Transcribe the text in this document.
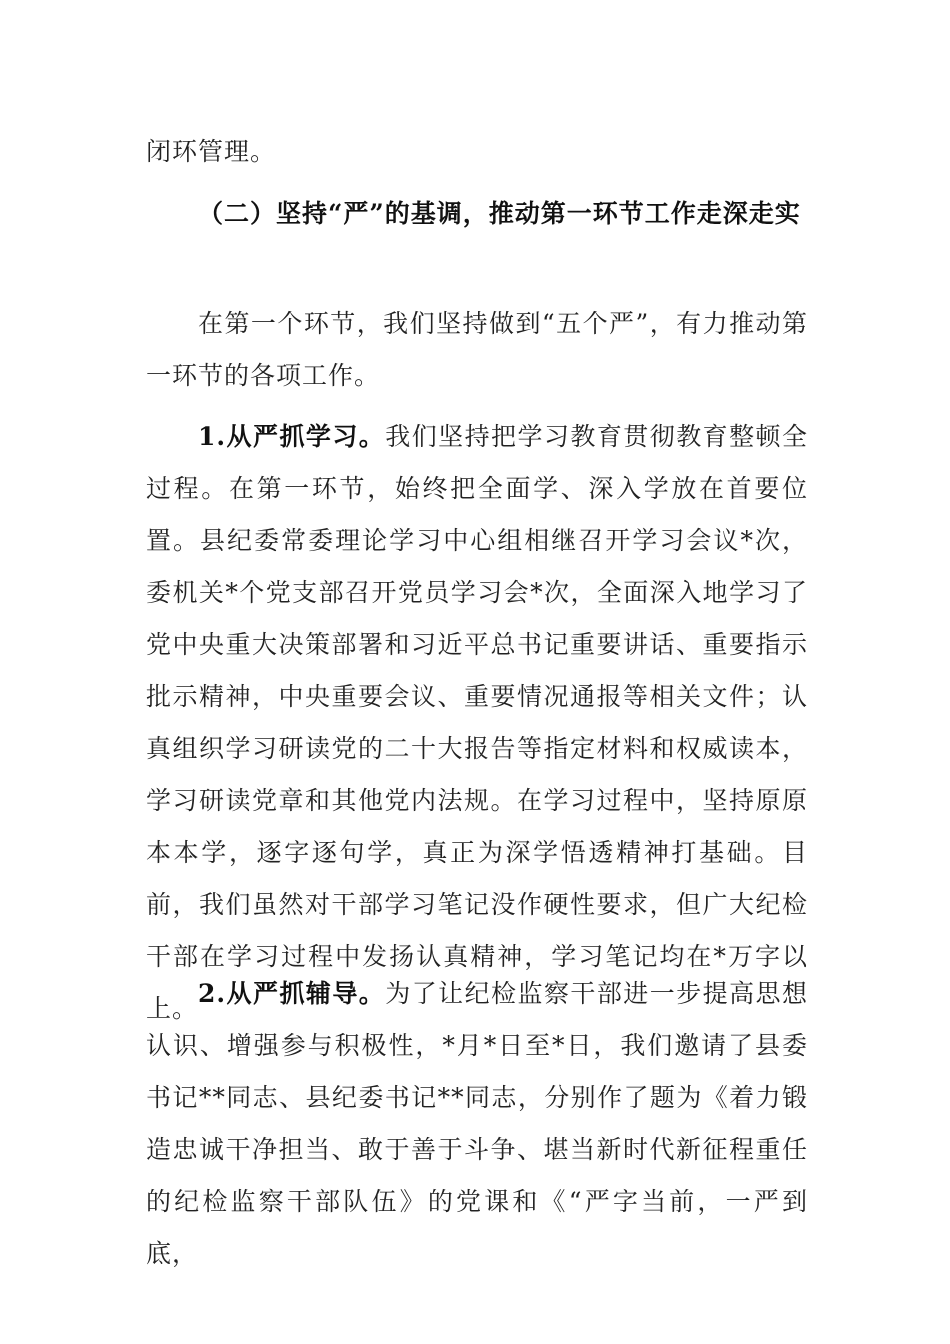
闭环管理。

（二）坚持“严”的基调，推动第一环节工作走深走实

在第一个环节，我们坚持做到“五个严”，有力推动第一环节的各项工作。

1.从严抓学习。我们坚持把学习教育贯彻教育整顿全过程。在第一环节，始终把全面学、深入学放在首要位置。县纪委常委理论学习中心组相继召开学习会议*次，委机关*个党支部召开党员学习会*次，全面深入地学习了党中央重大决策部署和习近平总书记重要讲话、重要指示批示精神，中央重要会议、重要情况通报等相关文件；认真组织学习研读党的二十大报告等指定材料和权威读本，学习研读党章和其他党内法规。在学习过程中，坚持原原本本学，逐字逐句学，真正为深学悟透精神打基础。目前，我们虽然对干部学习笔记没作硬性要求，但广大纪检干部在学习过程中发扬认真精神，学习笔记均在*万字以上。

2.从严抓辅导。为了让纪检监察干部进一步提高思想认识、增强参与积极性，*月*日至*日，我们邀请了县委书记**同志、县纪委书记**同志，分别作了题为《着力锻造忠诚干净担当、敢于善于斗争、堪当新时代新征程重任的纪检监察干部队伍》的党课和《“严字当前，一严到底，
